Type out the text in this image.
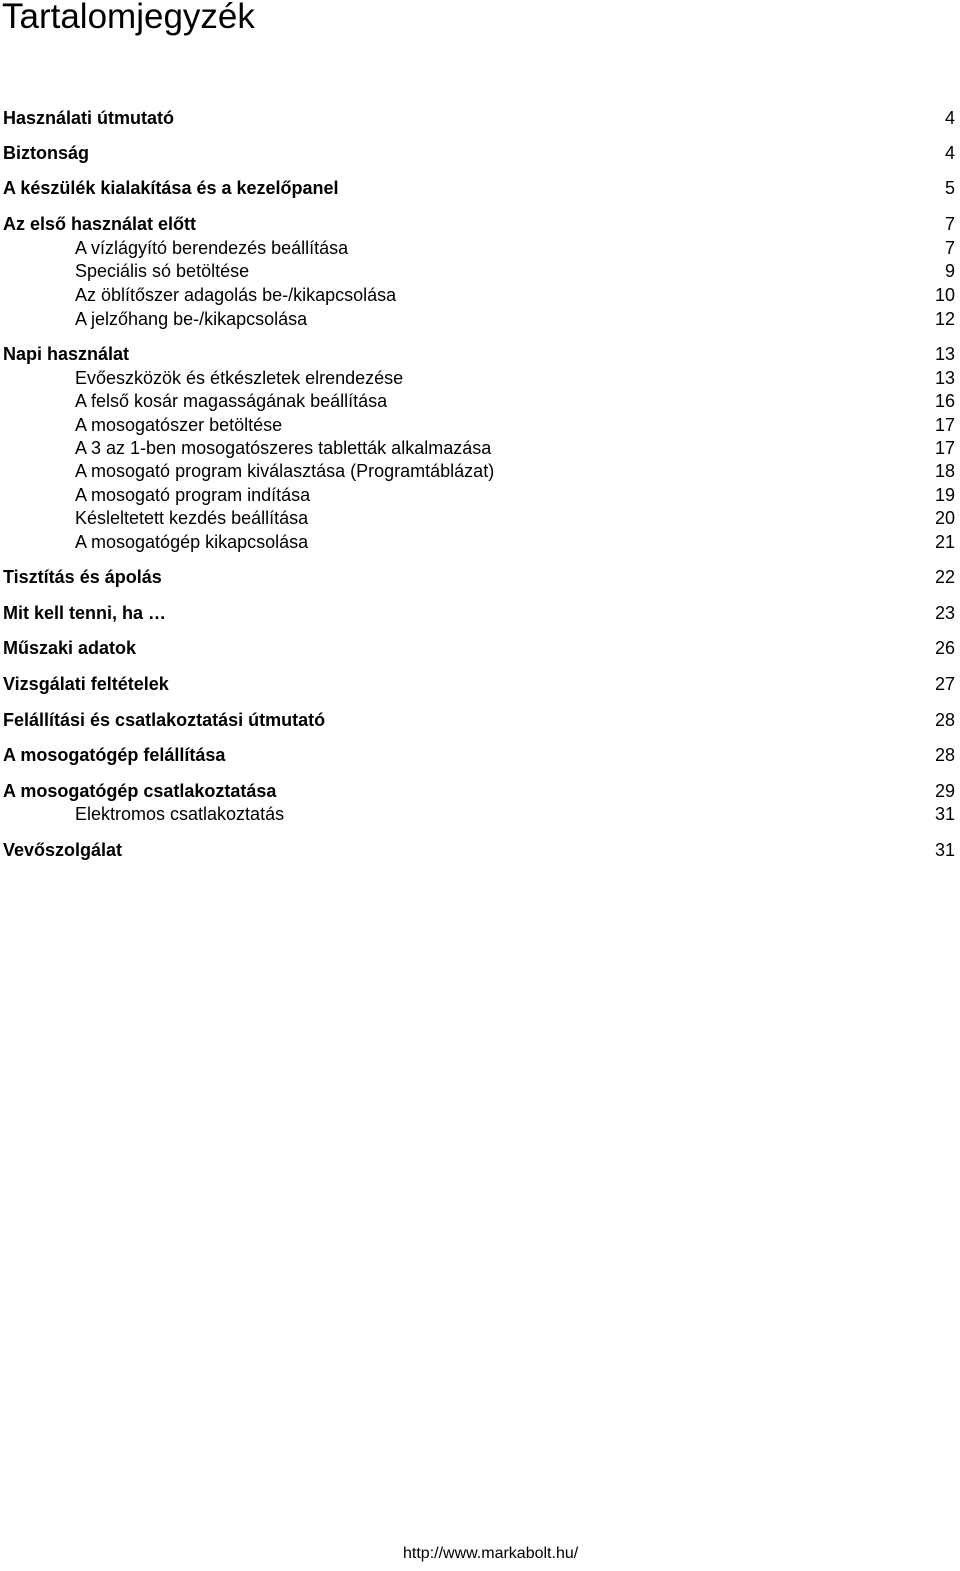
Tartalomjegyzék
Használati útmutató	4
Biztonság	4
A készülék kialakítása és a kezelőpanel	5
Az első használat előtt	7
A vízlágyító berendezés beállítása	7
Speciális só betöltése	9
Az öblítőszer adagolás be-/kikapcsolása	10
A jelzőhang be-/kikapcsolása	12
Napi használat	13
Evőeszközök és étkészletek elrendezése	13
A felső kosár magasságának beállítása	16
A mosogatószer betöltése	17
A 3 az 1-ben mosogatószeres tabletták alkalmazása	17
A mosogató program kiválasztása (Programtáblázat)	18
A mosogató program indítása	19
Késleltetett kezdés beállítása	20
A mosogatógép kikapcsolása	21
Tisztítás és ápolás	22
Mit kell tenni, ha …	23
Műszaki adatok	26
Vizsgálati feltételek	27
Felállítási és csatlakoztatási útmutató	28
A mosogatógép felállítása	28
A mosogatógép csatlakoztatása	29
Elektromos csatlakoztatás	31
Vevőszolgálat	31
http://www.markabolt.hu/
